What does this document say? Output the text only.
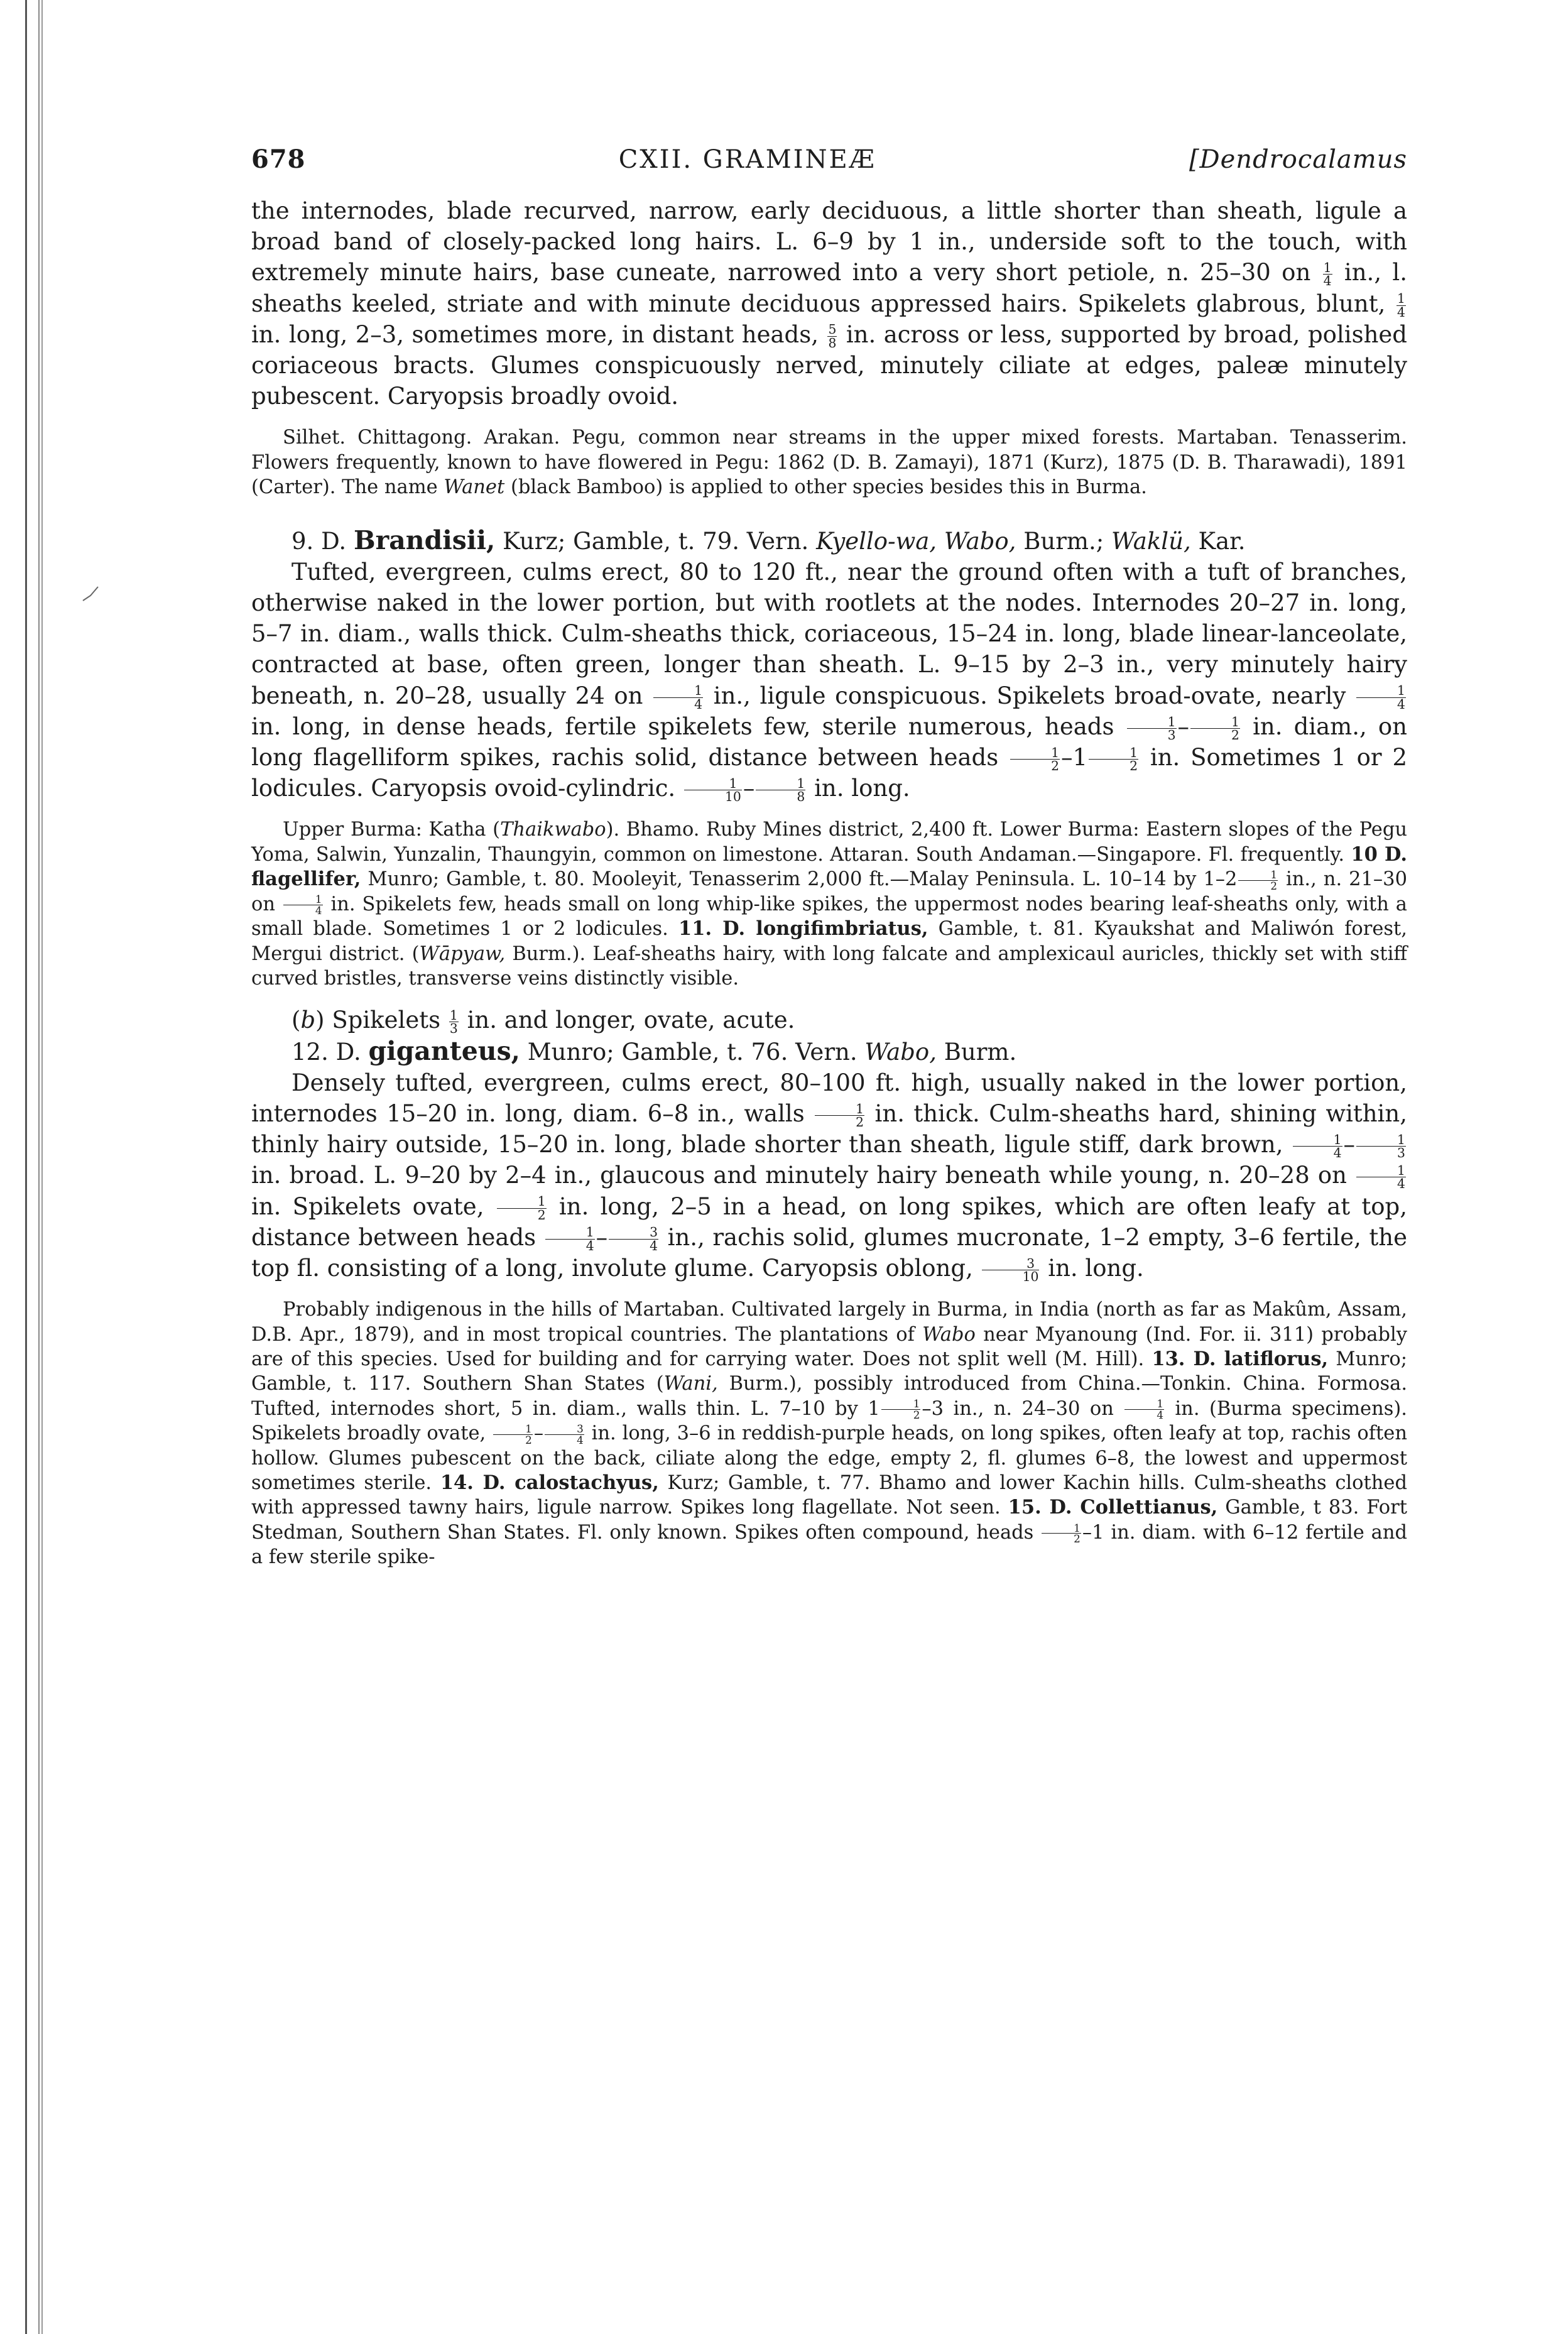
678	CXII. GRAMINEÆ	[Dendrocalamus

the internodes, blade recurved, narrow, early deciduous, a little shorter than sheath, ligule a broad band of closely-packed long hairs. L. 6–9 by 1 in., underside soft to the touch, with extremely minute hairs, base cuneate, narrowed into a very short petiole, n. 25–30 on $\frac{1}{4}$ in., l. sheaths keeled, striate and with minute deciduous appressed hairs. Spikelets glabrous, blunt, $\frac{1}{4}$
in. long, 2–3, sometimes more, in distant heads, $\frac{5}{8}$ in. across or less, supported by broad, polished coriaceous bracts. Glumes conspicuously nerved, minutely ciliate at edges, paleæ minutely pubescent. Caryopsis broadly ovoid.

Silhet. Chittagong. Arakan. Pegu, common near streams in the upper mixed forests. Martaban. Tenasserim. Flowers frequently, known to have flowered in Pegu: 1862 (D. B. Zamayi), 1871 (Kurz), 1875 (D. B. Tharawadi), 1891 (Carter). The name Wanet (black Bamboo) is applied to other species besides this in Burma.

9. D. Brandisii, Kurz; Gamble, t. 79. Vern. Kyello-wa, Wabo, Burm.; Waklü, Kar.

Tufted, evergreen, culms erect, 80 to 120 ft., near the ground often with a tuft of branches, otherwise naked in the lower portion, but with rootlets at the nodes. Internodes 20–27 in. long, 5–7 in. diam., walls thick. Culm-sheaths thick, coriaceous, 15–24 in. long, blade linear-lanceolate, contracted at base, often green, longer than sheath. L. 9–15 by 2–3 in., very minutely hairy beneath, n. 20–28, usually 24 on $\frac{1}{4}$ in., ligule conspicuous. Spikelets broad-ovate, nearly $\frac{1}{4}$
in. long, in dense heads, fertile spikelets few, sterile numerous, heads $\frac{1}{3} - \frac{1}{2}$ in. diam., on long flagelliform spikes, rachis solid, distance between heads $\frac{1}{2} -1 \frac{1}{2}$ in. Sometimes 1 or 2 lodicules. Caryopsis ovoid-cylindric. $\frac{1}{10} - \frac{1}{8}$ in. long.

Upper Burma: Katha (Thaikwabo). Bhamo. Ruby Mines district, 2,400 ft. Lower Burma: Eastern slopes of the Pegu Yoma, Salwin, Yunzalin, Thaungyin, common on limestone. Attaran. South Andaman.—Singapore. Fl. frequently. 10 D. flagellifer, Munro; Gamble, t. 80. Mooleyit, Tenasserim 2,000 ft.—Malay Peninsula. L. 10–14 by $1-2 \frac{1}{2}$ in., n. 21–30 on $\frac{1}{4}$ in. Spikelets few, heads small on long whip-like spikes, the uppermost nodes bearing leaf-sheaths only, with a small blade. Sometimes 1 or 2 lodicules. 11. D. longifimbriatus, Gamble, t. 81. Kyaukshat and Maliwón forest, Mergui district. (Wāpyaw, Burm.). Leaf-sheaths hairy, with long falcate and amplexicaul auricles, thickly set with stiff curved bristles, transverse veins distinctly visible.

(b) Spikelets $\frac{1}{3}$ in. and longer, ovate, acute.

12. D. giganteus, Munro; Gamble, t. 76. Vern. Wabo, Burm.

Densely tufted, evergreen, culms erect, 80–100 ft. high, usually naked in the lower portion, internodes 15–20 in. long, diam. 6–8 in., walls $\frac{1}{2}$ in. thick. Culm-sheaths hard, shining within, thinly hairy outside, 15–20 in. long, blade shorter than sheath, ligule stiff, dark brown, $\frac{1}{4} - \frac{1}{3}$
in. broad. L. 9–20 by 2–4 in., glaucous and minutely hairy beneath while young, n. 20–28 on $\frac{1}{4}$
in. Spikelets ovate, $\frac{1}{2}$ in. long, 2–5 in a head, on long spikes, which are often leafy at top, distance between heads $\frac{1}{4} - \frac{3}{4}$ in., rachis solid, glumes mucronate, 1–2 empty, 3–6 fertile, the top fl. consisting of a long, involute glume. Caryopsis oblong, $\frac{3}{10}$ in. long.

Probably indigenous in the hills of Martaban. Cultivated largely in Burma, in India (north as far as Makûm, Assam, D.B. Apr., 1879), and in most tropical countries. The plantations of Wabo near Myanoung (Ind. For. ii. 311) probably are of this species. Used for building and for carrying water. Does not split well (M. Hill). 13. D. latiflorus, Munro; Gamble, t. 117. Southern Shan States (Wani, Burm.), possibly introduced from China.—Tonkin. China. Formosa. Tufted, internodes short, 5 in. diam., walls thin. L. 7–10 by $1 \frac{1}{2} -3$ in., n. 24–30 on $\frac{1}{4}$ in. (Burma specimens). Spikelets broadly ovate, $\frac{1}{2} - \frac{3}{4}$ in. long, 3–6 in reddish-purple heads, on long spikes, often leafy at top, rachis often hollow. Glumes pubescent on the back, ciliate along the edge, empty 2, fl. glumes 6–8, the lowest and uppermost sometimes sterile. 14. D. calostachyus, Kurz; Gamble, t. 77. Bhamo and lower Kachin hills. Culm-sheaths clothed with appressed tawny hairs, ligule narrow. Spikes long flagellate. Not seen. 15. D. Collettianus, Gamble, t 83. Fort Stedman, Southern Shan States. Fl. only known. Spikes often compound, heads $\frac{1}{2} -1$ in. diam. with 6–12 fertile and a few sterile spike-
